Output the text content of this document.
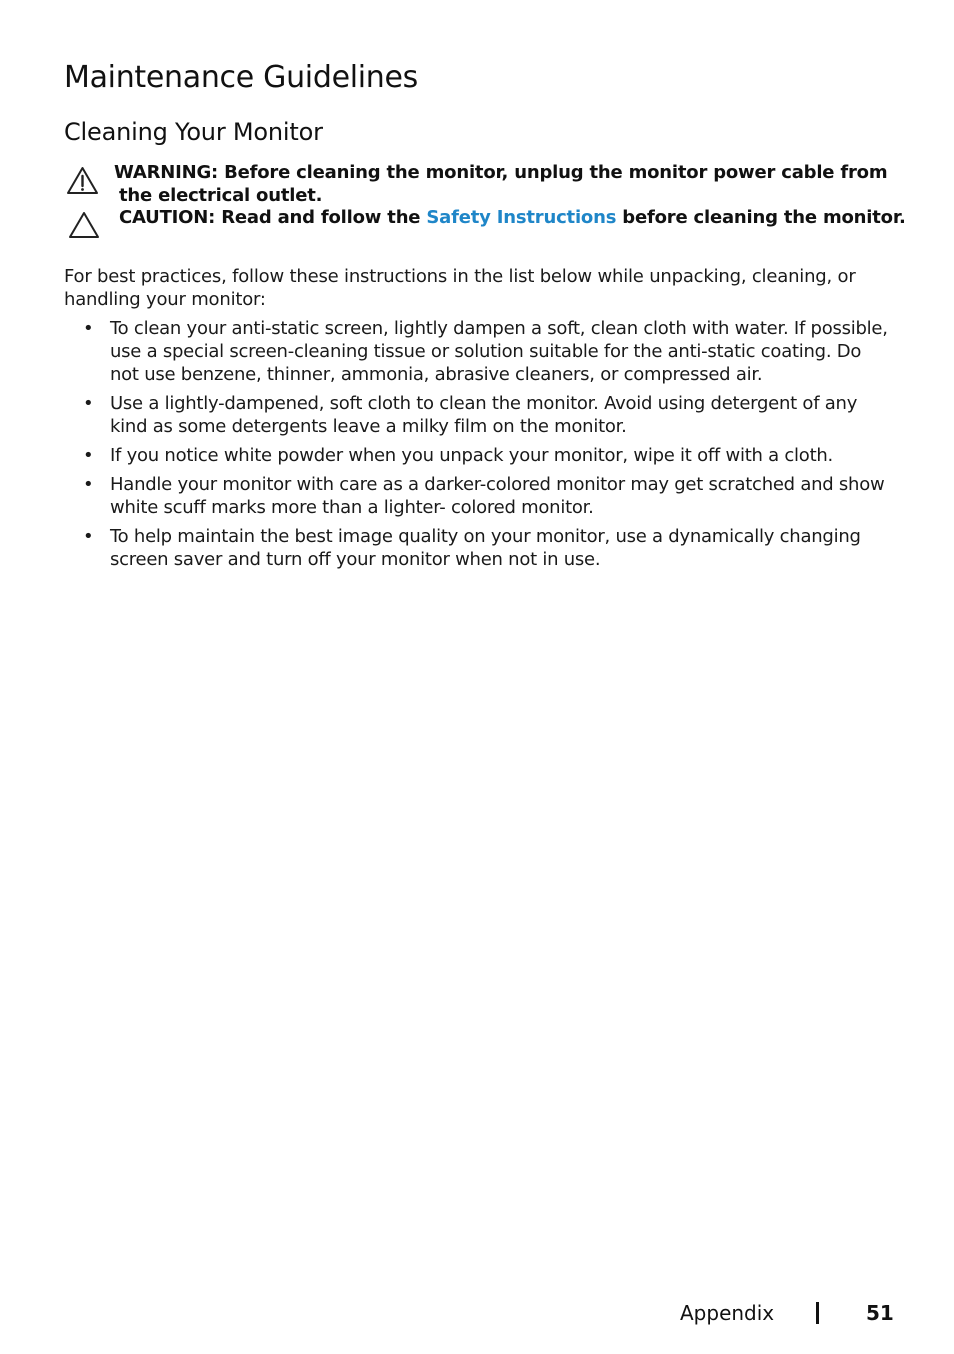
Maintenance Guidelines
Cleaning Your Monitor
WARNING: Before cleaning the monitor, unplug the monitor power cable from
the electrical outlet.
CAUTION: Read and follow the Safety Instructions before cleaning the monitor.

For best practices, follow these instructions in the list below while unpacking, cleaning, or handling your monitor:

• To clean your anti-static screen, lightly dampen a soft, clean cloth with water. If possible, use a special screen-cleaning tissue or solution suitable for the anti-static coating. Do not use benzene, thinner, ammonia, abrasive cleaners, or compressed air.
• Use a lightly-dampened, soft cloth to clean the monitor. Avoid using detergent of any kind as some detergents leave a milky film on the monitor.
• If you notice white powder when you unpack your monitor, wipe it off with a cloth.
• Handle your monitor with care as a darker-colored monitor may get scratched and show white scuff marks more than a lighter- colored monitor.
• To help maintain the best image quality on your monitor, use a dynamically changing screen saver and turn off your monitor when not in use.
Appendix	51
